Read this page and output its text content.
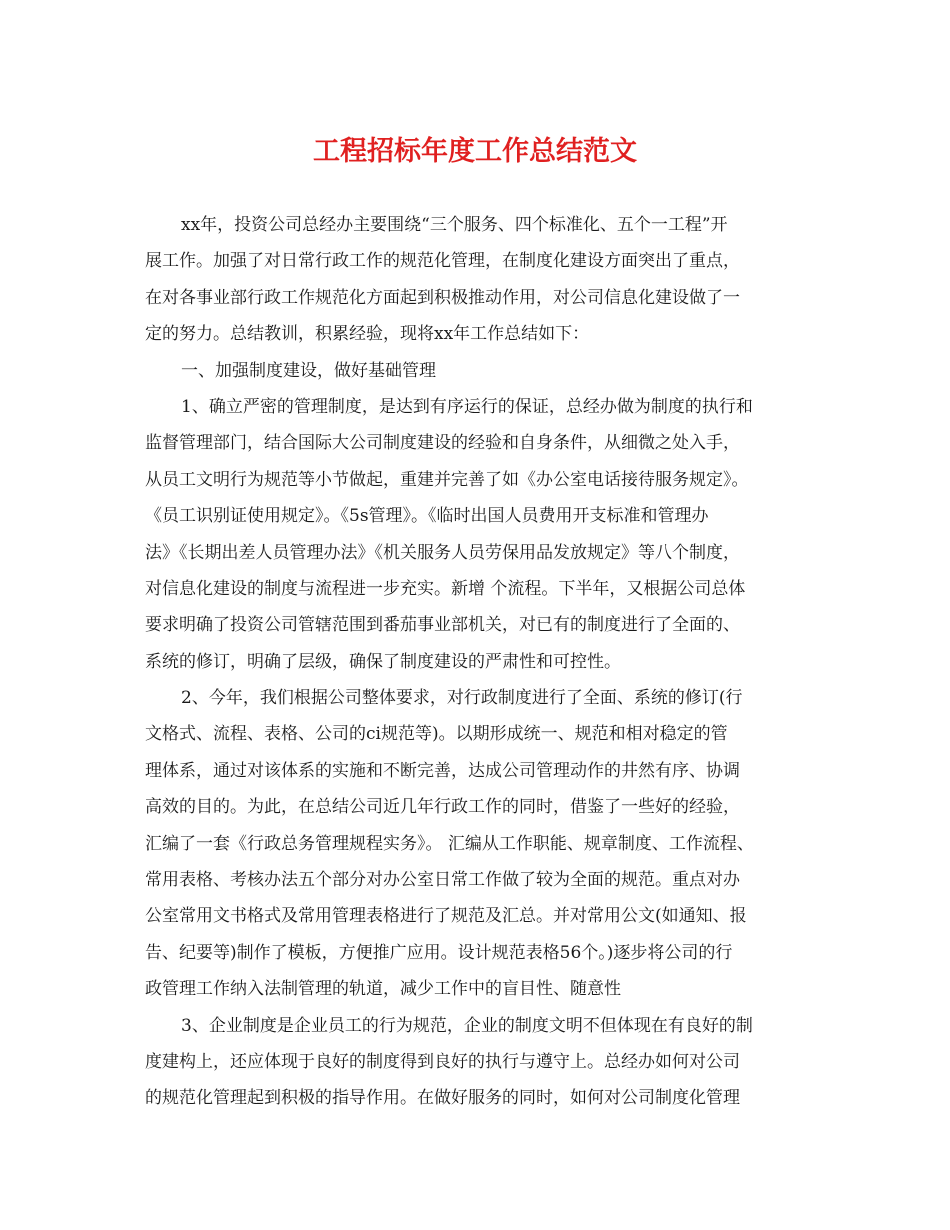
工程招标年度工作总结范文
xx年，投资公司总经办主要围绕“三个服务、四个标准化、五个一工程”开
展工作。加强了对日常行政工作的规范化管理，在制度化建设方面突出了重点，
在对各事业部行政工作规范化方面起到积极推动作用，对公司信息化建设做了一
定的努力。总结教训，积累经验，现将xx年工作总结如下：
一、加强制度建设，做好基础管理
1、确立严密的管理制度，是达到有序运行的保证，总经办做为制度的执行和
监督管理部门，结合国际大公司制度建设的经验和自身条件，从细微之处入手，
从员工文明行为规范等小节做起，重建并完善了如《办公室电话接待服务规定》。
《员工识别证使用规定》。《5s管理》。《临时出国人员费用开支标准和管理办
法》《长期出差人员管理办法》《机关服务人员劳保用品发放规定》等八个制度，
对信息化建设的制度与流程进一步充实。新增 个流程。下半年，又根据公司总体
要求明确了投资公司管辖范围到番茄事业部机关，对已有的制度进行了全面的、
系统的修订，明确了层级，确保了制度建设的严肃性和可控性。
2、今年，我们根据公司整体要求，对行政制度进行了全面、系统的修订(行
文格式、流程、表格、公司的ci规范等)。以期形成统一、规范和相对稳定的管
理体系，通过对该体系的实施和不断完善，达成公司管理动作的井然有序、协调
高效的目的。为此，在总结公司近几年行政工作的同时，借鉴了一些好的经验，
汇编了一套《行政总务管理规程实务》。 汇编从工作职能、规章制度、工作流程、
常用表格、考核办法五个部分对办公室日常工作做了较为全面的规范。重点对办
公室常用文书格式及常用管理表格进行了规范及汇总。并对常用公文(如通知、报
告、纪要等)制作了模板，方便推广应用。设计规范表格56个。)逐步将公司的行
政管理工作纳入法制管理的轨道，减少工作中的盲目性、随意性
3、企业制度是企业员工的行为规范，企业的制度文明不但体现在有良好的制
度建构上，还应体现于良好的制度得到良好的执行与遵守上。总经办如何对公司
的规范化管理起到积极的指导作用。在做好服务的同时，如何对公司制度化管理
